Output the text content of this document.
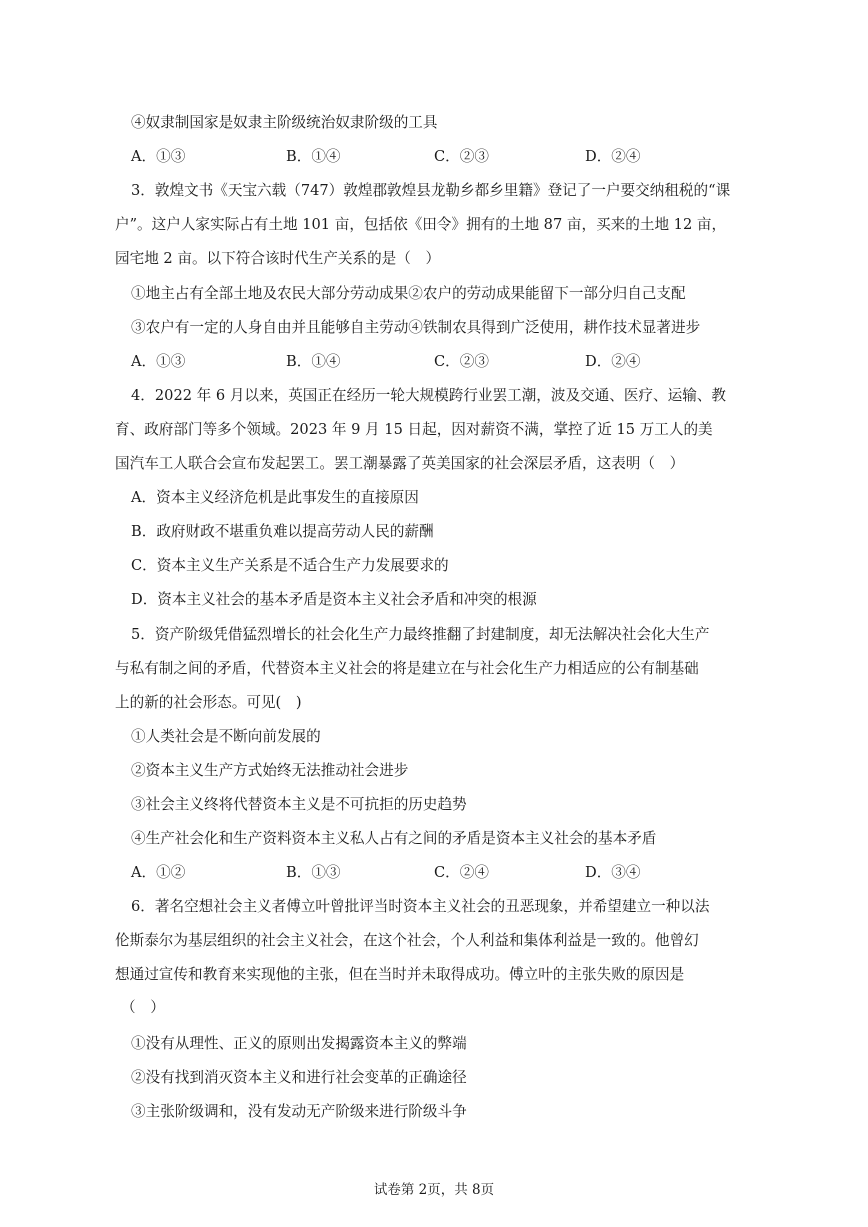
④奴隶制国家是奴隶主阶级统治奴隶阶级的工具
A．①③	B．①④	C．②③	D．②④
3．敦煌文书《天宝六载（747）敦煌郡敦煌县龙勒乡都乡里籍》登记了一户要交纳租税的“课
户”。这户人家实际占有土地 101 亩，包括依《田令》拥有的土地 87 亩，买来的土地 12 亩，
园宅地 2 亩。以下符合该时代生产关系的是（　）
①地主占有全部土地及农民大部分劳动成果②农户的劳动成果能留下一部分归自己支配
③农户有一定的人身自由并且能够自主劳动④铁制农具得到广泛使用，耕作技术显著进步
A．①③	B．①④	C．②③	D．②④
4．2022 年 6 月以来，英国正在经历一轮大规模跨行业罢工潮，波及交通、医疗、运输、教
育、政府部门等多个领域。2023 年 9 月 15 日起，因对薪资不满，掌控了近 15 万工人的美
国汽车工人联合会宣布发起罢工。罢工潮暴露了英美国家的社会深层矛盾，这表明（　）
A．资本主义经济危机是此事发生的直接原因
B．政府财政不堪重负难以提高劳动人民的薪酬
C．资本主义生产关系是不适合生产力发展要求的
D．资本主义社会的基本矛盾是资本主义社会矛盾和冲突的根源
5．资产阶级凭借猛烈增长的社会化生产力最终推翻了封建制度，却无法解决社会化大生产
与私有制之间的矛盾，代替资本主义社会的将是建立在与社会化生产力相适应的公有制基础
上的新的社会形态。可见(　)
①人类社会是不断向前发展的
②资本主义生产方式始终无法推动社会进步
③社会主义终将代替资本主义是不可抗拒的历史趋势
④生产社会化和生产资料资本主义私人占有之间的矛盾是资本主义社会的基本矛盾
A．①②	B．①③	C．②④	D．③④
6．著名空想社会主义者傅立叶曾批评当时资本主义社会的丑恶现象，并希望建立一种以法
伦斯泰尔为基层组织的社会主义社会，在这个社会，个人利益和集体利益是一致的。他曾幻
想通过宣传和教育来实现他的主张，但在当时并未取得成功。傅立叶的主张失败的原因是
（　）
①没有从理性、正义的原则出发揭露资本主义的弊端
②没有找到消灭资本主义和进行社会变革的正确途径
③主张阶级调和，没有发动无产阶级来进行阶级斗争
试卷第 2页，共 8页
